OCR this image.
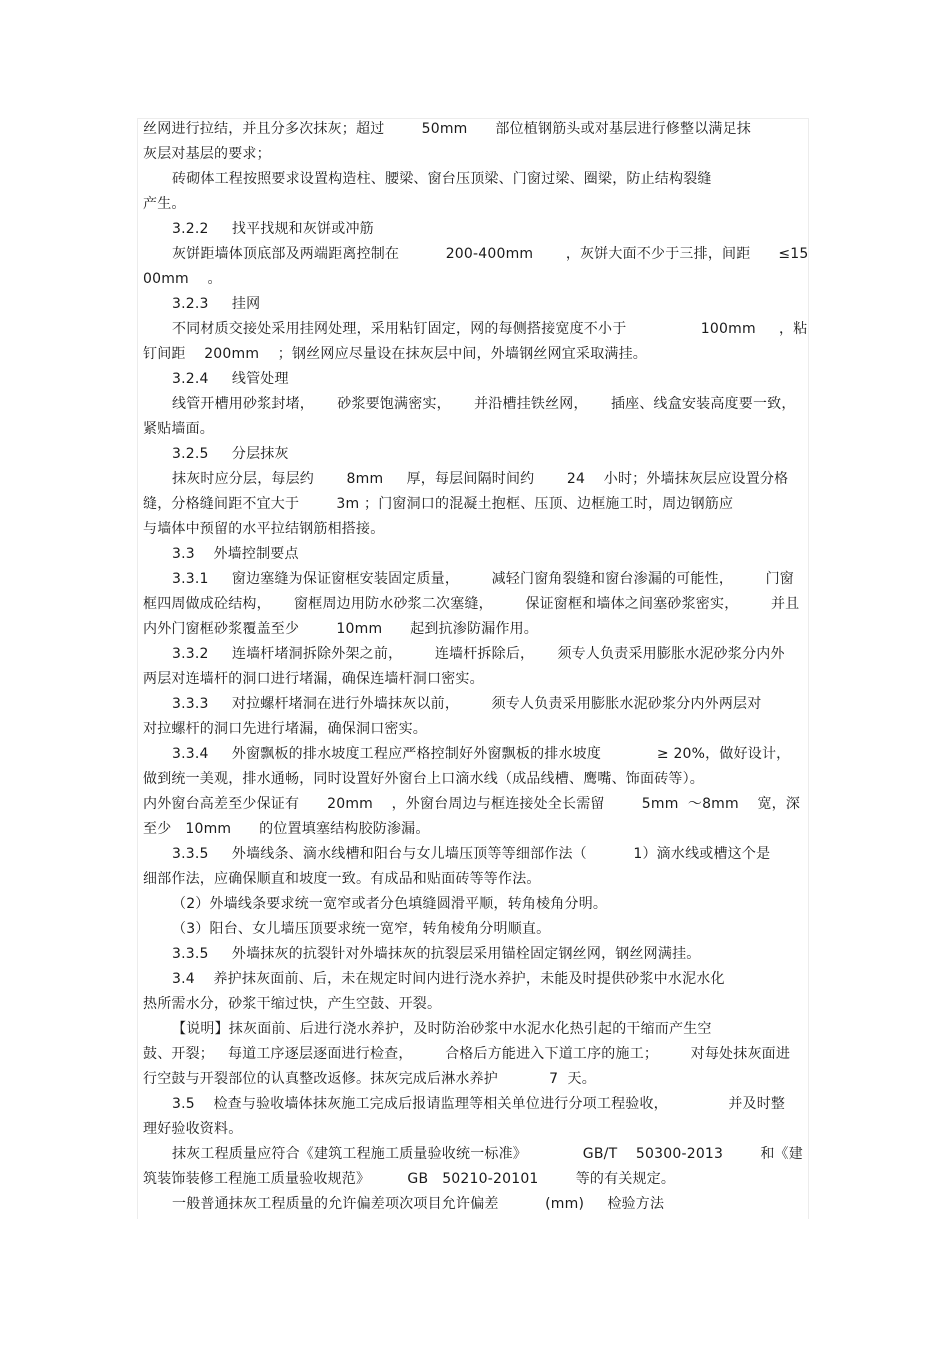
丝网进行拉结，并且分多次抹灰；超过        50mm      部位植钢筋头或对基层进行修整以满足抹
灰层对基层的要求；
砖砌体工程按照要求设置构造柱、腰梁、窗台压顶梁、门窗过梁、圈梁，防止结构裂缝
产生。
3.2.2     找平找规和灰饼或冲筋
灰饼距墙体顶底部及两端距离控制在          200-400mm       ，灰饼大面不少于三排，间距      ≤15
00mm    。
3.2.3     挂网
不同材质交接处采用挂网处理，采用粘钉固定，网的每侧搭接宽度不小于                100mm     ，粘
钉间距    200mm    ；钢丝网应尽量设在抹灰层中间，外墙钢丝网宜采取满挂。
3.2.4     线管处理
线管开槽用砂浆封堵，     砂浆要饱满密实，     并沿槽挂铁丝网，     插座、线盒安装高度要一致，
紧贴墙面。
3.2.5     分层抹灰
抹灰时应分层，每层约       8mm     厚，每层间隔时间约       24    小时；外墙抹灰层应设置分格
缝，分格缝间距不宜大于        3m ；门窗洞口的混凝土抱框、压顶、边框施工时，周边钢筋应
与墙体中预留的水平拉结钢筋相搭接。
3.3    外墙控制要点
3.3.1     窗边塞缝为保证窗框安装固定质量，       减轻门窗角裂缝和窗台渗漏的可能性，       门窗
框四周做成砼结构，     窗框周边用防水砂浆二次塞缝，       保证窗框和墙体之间塞砂浆密实，       并且
内外门窗框砂浆覆盖至少        10mm      起到抗渗防漏作用。
3.3.2     连墙杆堵洞拆除外架之前，       连墙杆拆除后，     须专人负责采用膨胀水泥砂浆分内外
两层对连墙杆的洞口进行堵漏，确保连墙杆洞口密实。
3.3.3     对拉螺杆堵洞在进行外墙抹灰以前，       须专人负责采用膨胀水泥砂浆分内外两层对
对拉螺杆的洞口先进行堵漏，确保洞口密实。
3.3.4     外窗飘板的排水坡度工程应严格控制好外窗飘板的排水坡度            ≥ 20%，做好设计，
做到统一美观，排水通畅，同时设置好外窗台上口滴水线（成品线槽、鹰嘴、饰面砖等）。
内外窗台高差至少保证有      20mm    ，外窗台周边与框连接处全长需留        5mm  ～8mm    宽，深
至少   10mm      的位置填塞结构胶防渗漏。
3.3.5     外墙线条、滴水线槽和阳台与女儿墙压顶等等细部作法（          1）滴水线或槽这个是
细部作法，应确保顺直和坡度一致。有成品和贴面砖等等作法。
（2）外墙线条要求统一宽窄或者分色填缝圆滑平顺，转角棱角分明。
（3）阳台、女儿墙压顶要求统一宽窄，转角棱角分明顺直。
3.3.5     外墙抹灰的抗裂针对外墙抹灰的抗裂层采用锚栓固定钢丝网，钢丝网满挂。
3.4    养护抹灰面前、后，未在规定时间内进行浇水养护，未能及时提供砂浆中水泥水化
热所需水分，砂浆干缩过快，产生空鼓、开裂。
【说明】抹灰面前、后进行浇水养护，及时防治砂浆中水泥水化热引起的干缩而产生空
鼓、开裂；   每道工序逐层逐面进行检查，       合格后方能进入下道工序的施工；       对每处抹灰面进
行空鼓与开裂部位的认真整改返修。抹灰完成后淋水养护           7  天。
3.5    检查与验收墙体抹灰施工完成后报请监理等相关单位进行分项工程验收，             并及时整
理好验收资料。
抹灰工程质量应符合《建筑工程施工质量验收统一标准》            GB/T    50300-2013        和《建
筑装饰装修工程施工质量验收规范》        GB   50210-20101        等的有关规定。
一般普通抹灰工程质量的允许偏差项次项目允许偏差          (mm)     检验方法
